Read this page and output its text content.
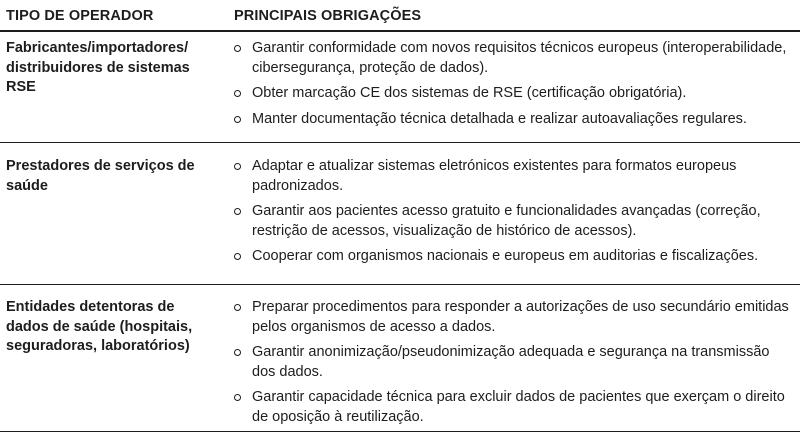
TIPO DE OPERADOR	PRINCIPAIS OBRIGAÇÕES
Fabricantes/importadores/ distribuidores de sistemas RSE
Garantir conformidade com novos requisitos técnicos europeus (interoperabilidade, cibersegurança, proteção de dados).
Obter marcação CE dos sistemas de RSE (certificação obrigatória).
Manter documentação técnica detalhada e realizar autoavaliações regulares.
Prestadores de serviços de saúde
Adaptar e atualizar sistemas eletrónicos existentes para formatos europeus padronizados.
Garantir aos pacientes acesso gratuito e funcionalidades avançadas (correção, restrição de acessos, visualização de histórico de acessos).
Cooperar com organismos nacionais e europeus em auditorias e fiscalizações.
Entidades detentoras de dados de saúde (hospitais, seguradoras, laboratórios)
Preparar procedimentos para responder a autorizações de uso secundário emitidas pelos organismos de acesso a dados.
Garantir anonimização/pseudonimização adequada e segurança na transmissão dos dados.
Garantir capacidade técnica para excluir dados de pacientes que exerçam o direito de oposição à reutilização.
